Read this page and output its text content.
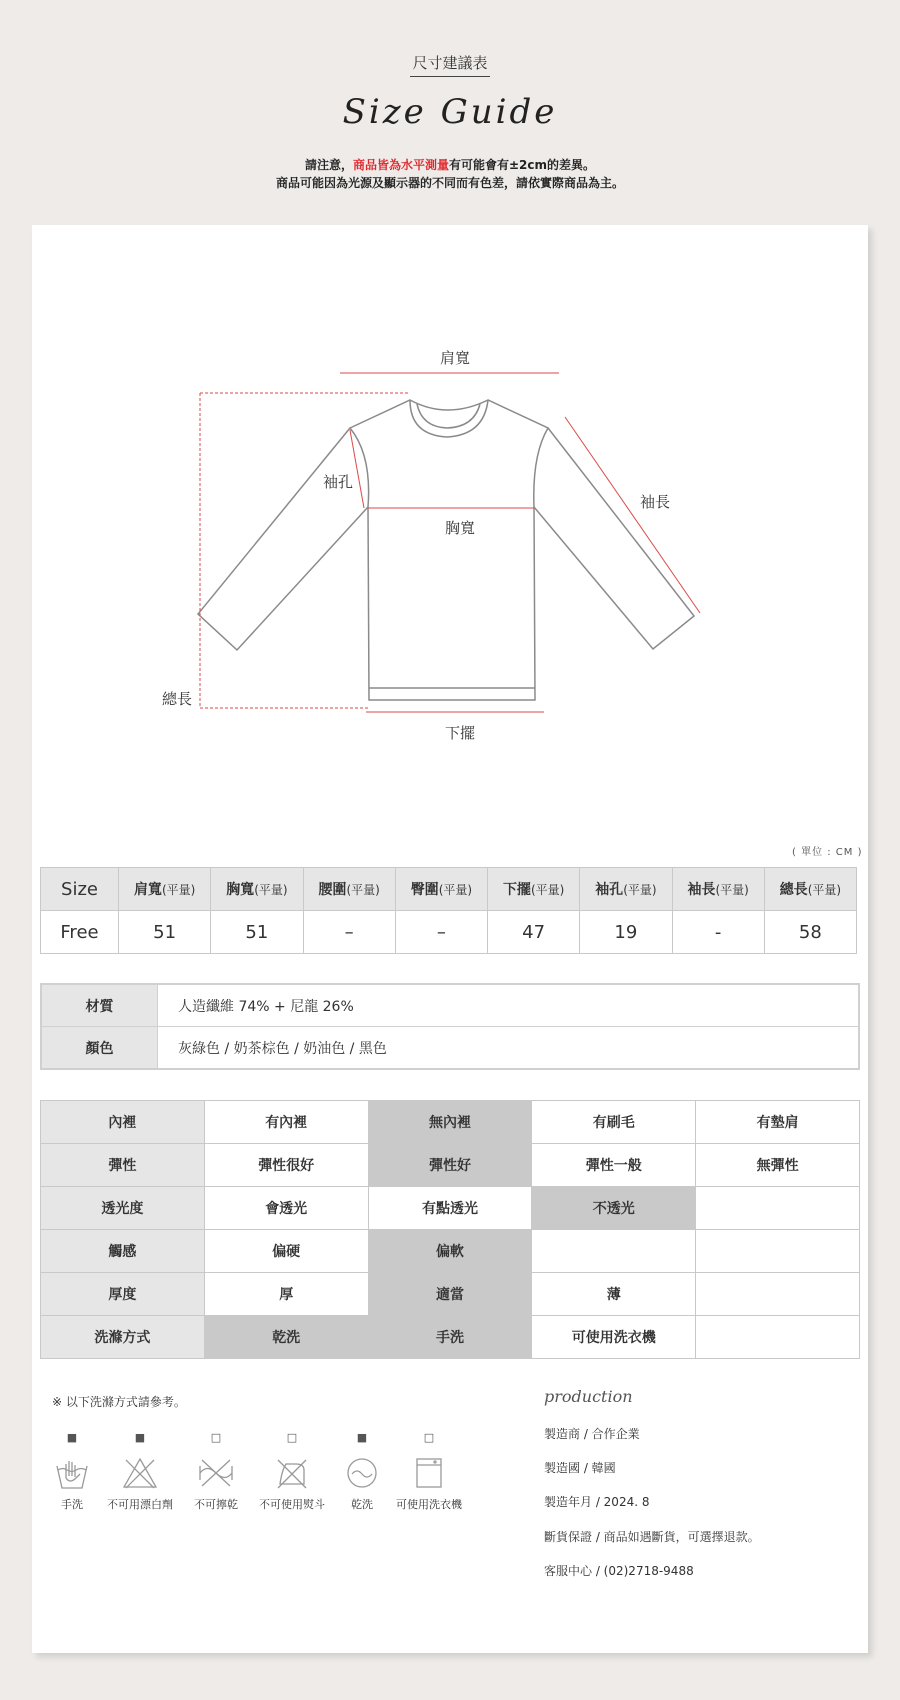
尺寸建議表
Size Guide
請注意，商品皆為水平測量有可能會有±2cm的差異。
商品可能因為光源及顯示器的不同而有色差，請依實際商品為主。
肩寬
袖孔
袖長
胸寬
總長
下擺
( 單位 : CM )
Size	肩寬(平量)	胸寬(平量)	腰圍(平量)	臀圍(平量)	下擺(平量)	袖孔(平量)	袖長(平量)	總長(平量)
Free	51	51	–	–	47	19	-	58
材質	人造纖維 74% + 尼龍 26%
顏色	灰綠色 / 奶茶棕色 / 奶油色 / 黑色
內裡	有內裡	無內裡	有刷毛	有墊肩
彈性	彈性很好	彈性好	彈性一般	無彈性
透光度	會透光	有點透光	不透光	
觸感	偏硬	偏軟		
厚度	厚	適當	薄	
洗滌方式	乾洗	手洗	可使用洗衣機	
※ 以下洗滌方式請參考。
■
手洗
■
不可用漂白劑
□
不可擰乾
□
不可使用熨斗
■
乾洗
□
可使用洗衣機
production
製造商 / 合作企業
製造國 / 韓國
製造年月 / 2024. 8
斷貨保證 / 商品如遇斷貨，可選擇退款。
客服中心 / (02)2718-9488
